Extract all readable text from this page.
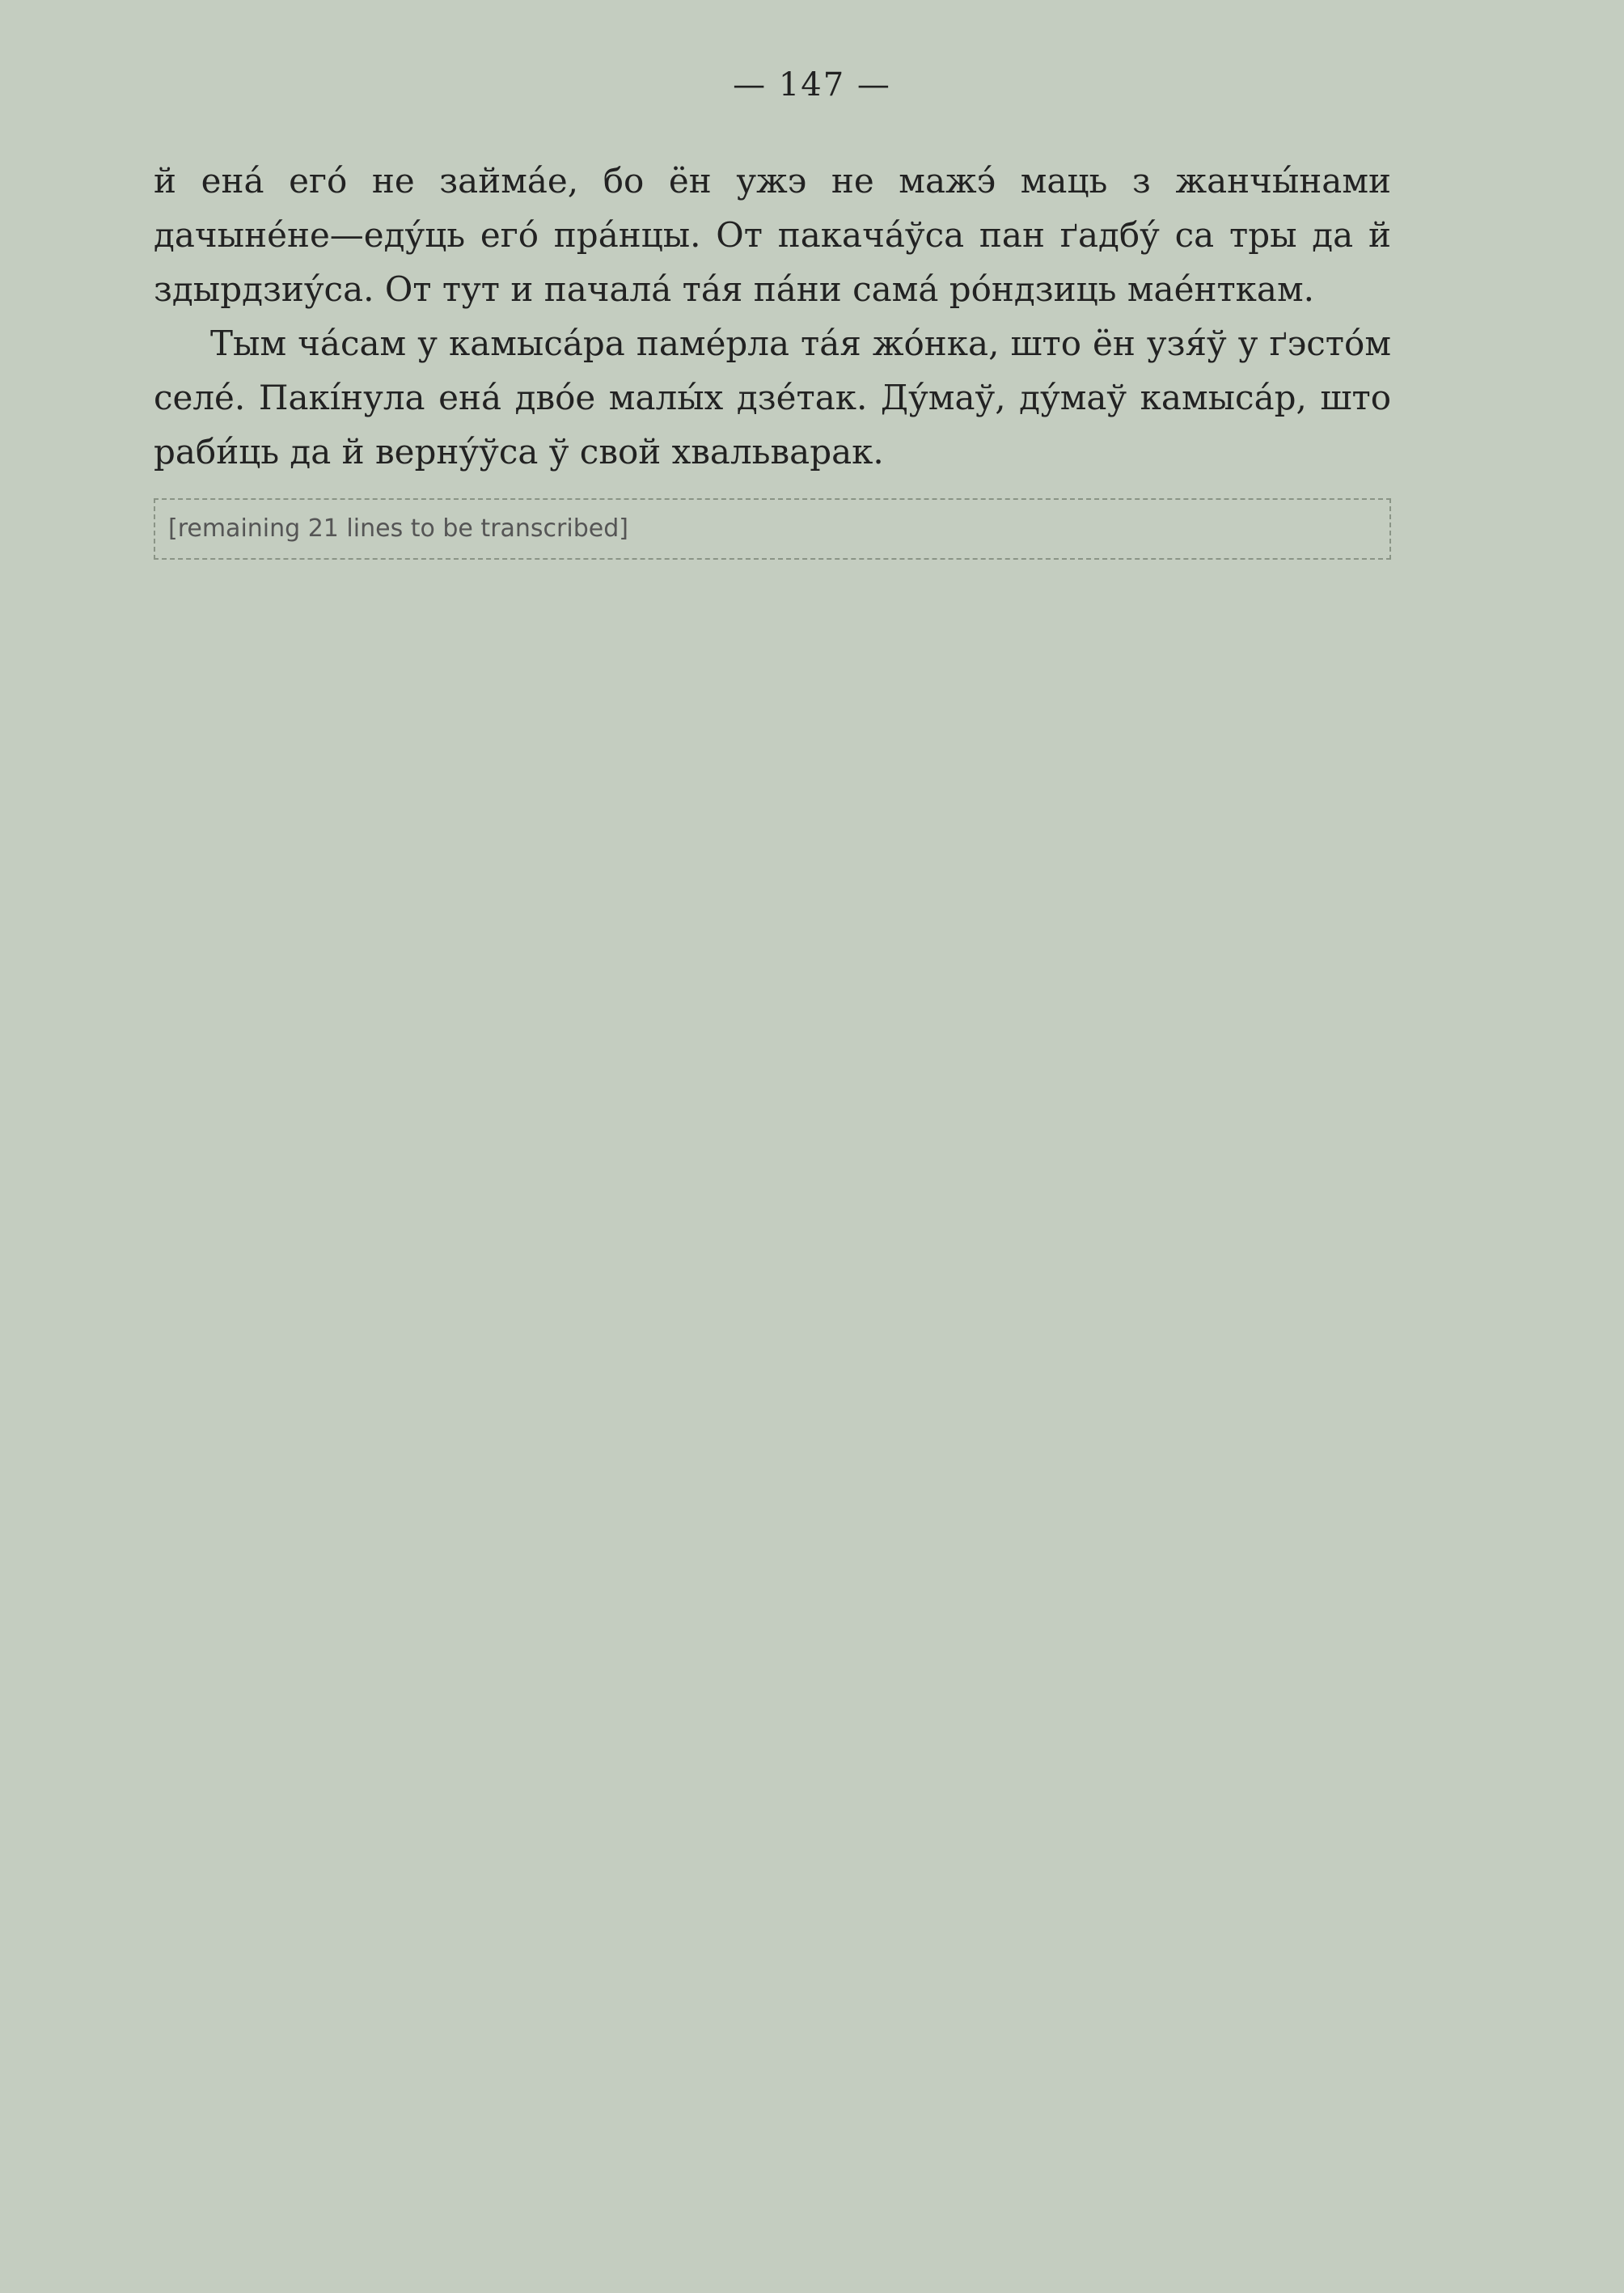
— 147 —

й ена́ его́ не займа́е, бо ён ужэ не мажэ́ маць з жанчы́нами дачынéне—еду́ць его́ пра́нцы. От пакача́ўса пан ґадбу́ са тры да й здырдзиу́са. От тут и пачала́ та́я па́ни сама́ рóндзиць маéнткам.

Тым ча́сам у камыса́ра памéрла та́я жóнка, што ён узя́ў у ґэстóм селé. Пакíнула ена́ двóе малы́х дзéтак. Ду́маў, ду́маў камыса́р, што раби́ць да й верну́ўса ў свой хвальварак.

[remaining 21 lines to be transcribed]
